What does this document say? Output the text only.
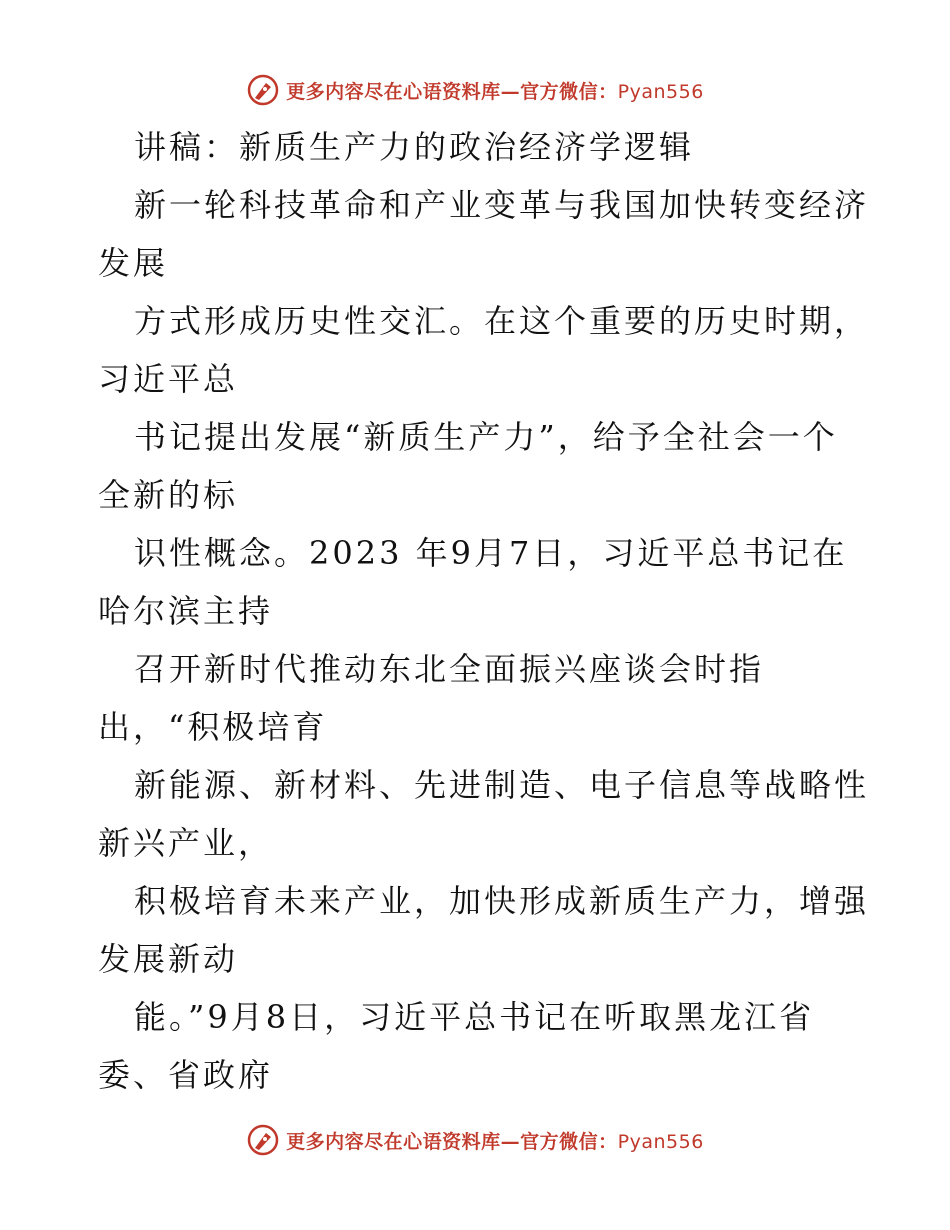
更多内容尽在心语资料库—官方微信：Pyan556
讲稿：新质生产力的政治经济学逻辑
新一轮科技革命和产业变革与我国加快转变经济
发展
方式形成历史性交汇。在这个重要的历史时期，
习近平总
书记提出发展“新质生产力”，给予全社会一个
全新的标
识性概念。2023 年9月7日，习近平总书记在
哈尔滨主持
召开新时代推动东北全面振兴座谈会时指
出，“积极培育
新能源、新材料、先进制造、电子信息等战略性
新兴产业，
积极培育未来产业，加快形成新质生产力，增强
发展新动
能。”9月8日，习近平总书记在听取黑龙江省
委、省政府
更多内容尽在心语资料库—官方微信：Pyan556
